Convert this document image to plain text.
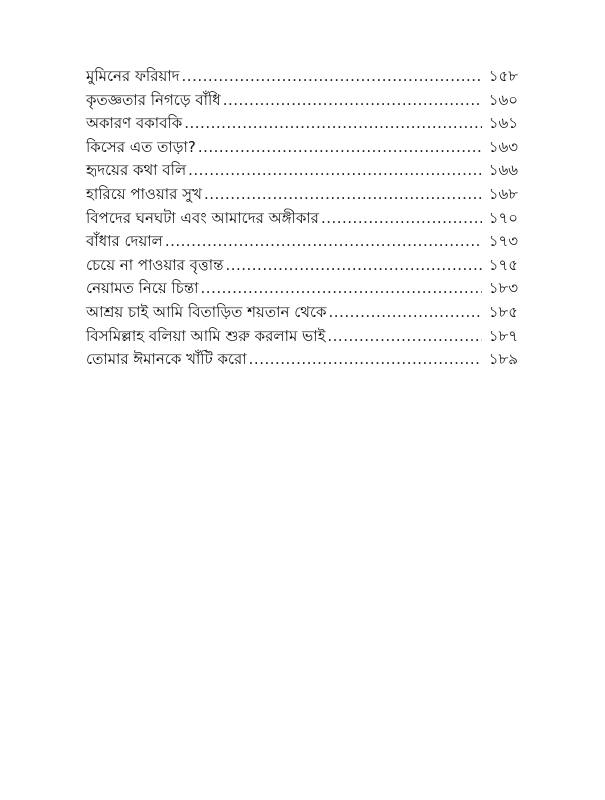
মুমিনের ফরিয়াদ .....	১৫৮
কৃতজ্ঞতার নিগড়ে বাঁধি .....	১৬০
অকারণ বকাবকি .....	১৬১
কিসের এত তাড়া? .....	১৬৩
হৃদয়ের কথা বলি .....	১৬৬
হারিয়ে পাওয়ার সুখ .....	১৬৮
বিপদের ঘনঘটা এবং আমাদের অঙ্গীকার .....	১৭০
বাঁধার দেয়াল .....	১৭৩
চেয়ে না পাওয়ার বৃত্তান্ত .....	১৭৫
নেয়ামত নিয়ে চিন্তা .....	১৮৩
আশ্রয় চাই আমি বিতাড়িত শয়তান থেকে .....	১৮৫
বিসমিল্লাহ বলিয়া আমি শুরু করলাম ভাই .....	১৮৭
তোমার ঈমানকে খাঁটি করো .....	১৮৯
